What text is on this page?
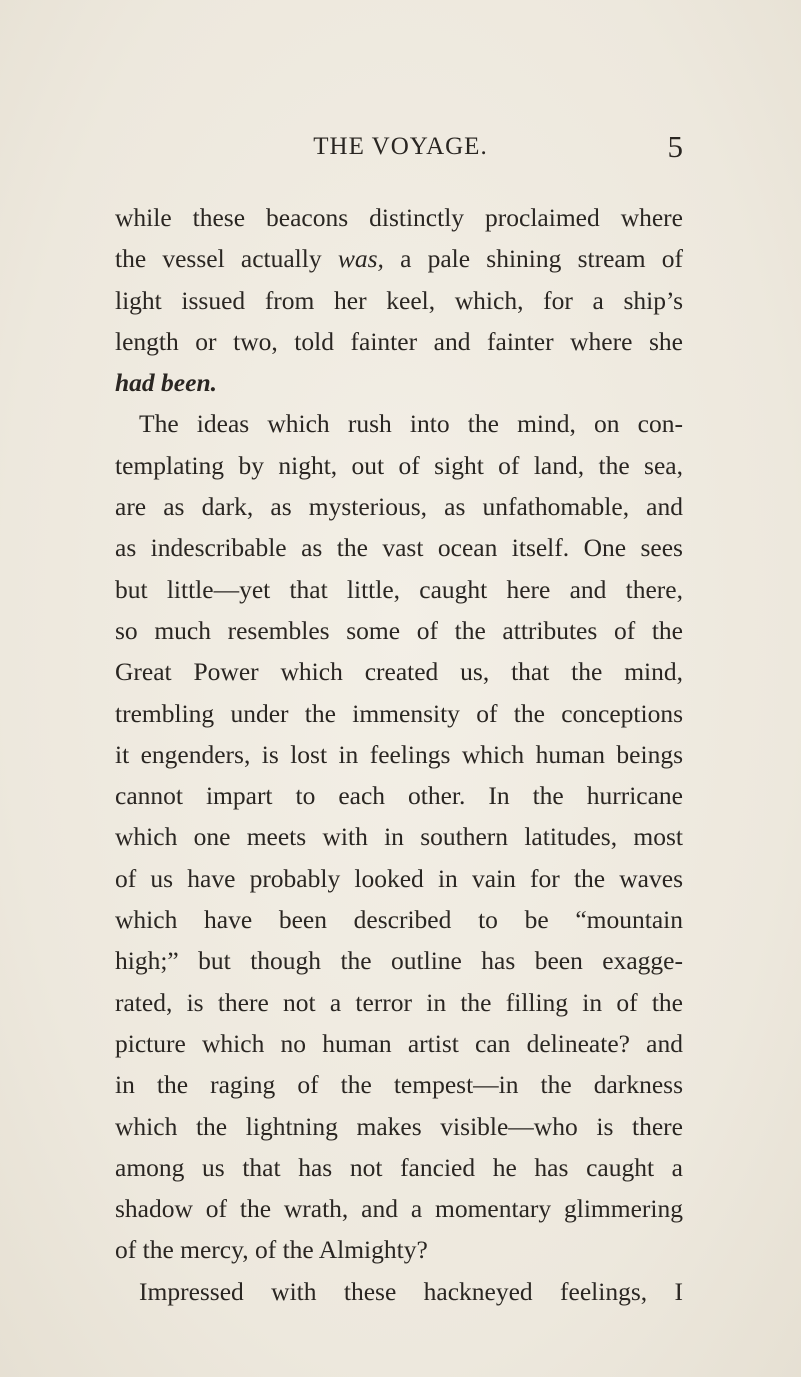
THE VOYAGE.	5
while these beacons distinctly proclaimed where
the vessel actually was, a pale shining stream of
light issued from her keel, which, for a ship’s
length or two, told fainter and fainter where she
had been.
The ideas which rush into the mind, on con-
templating by night, out of sight of land, the sea,
are as dark, as mysterious, as unfathomable, and
as indescribable as the vast ocean itself. One sees
but little—yet that little, caught here and there,
so much resembles some of the attributes of the
Great Power which created us, that the mind,
trembling under the immensity of the conceptions
it engenders, is lost in feelings which human beings
cannot impart to each other. In the hurricane
which one meets with in southern latitudes, most
of us have probably looked in vain for the waves
which have been described to be “mountain
high;” but though the outline has been exagge-
rated, is there not a terror in the filling in of the
picture which no human artist can delineate? and
in the raging of the tempest—in the darkness
which the lightning makes visible—who is there
among us that has not fancied he has caught a
shadow of the wrath, and a momentary glimmering
of the mercy, of the Almighty?
Impressed with these hackneyed feelings, I
